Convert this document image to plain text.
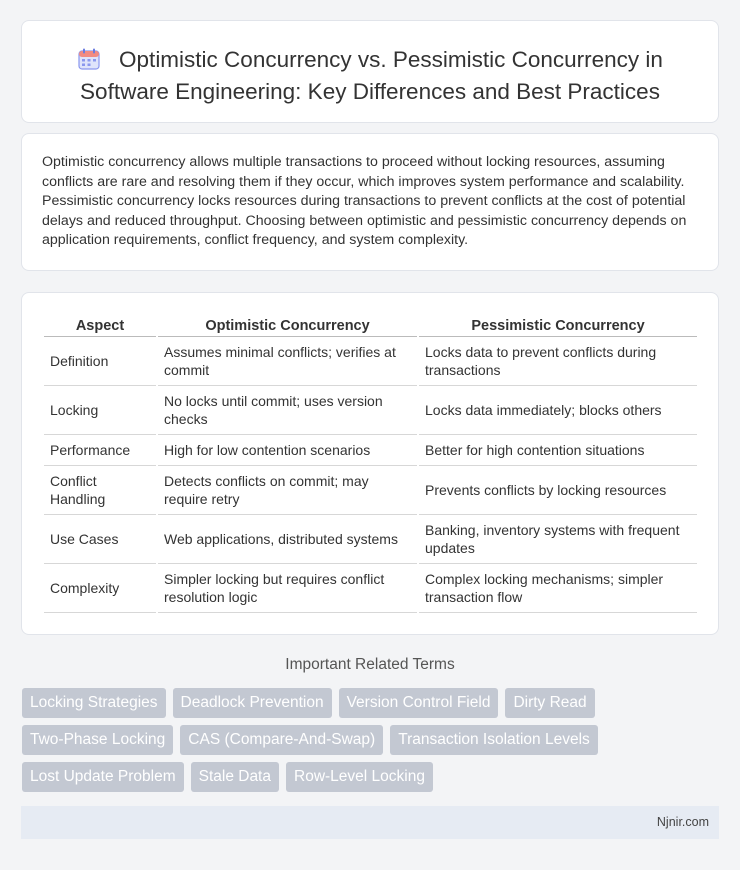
Optimistic Concurrency vs. Pessimistic Concurrency in Software Engineering: Key Differences and Best Practices

Optimistic concurrency allows multiple transactions to proceed without locking resources, assuming conflicts are rare and resolving them if they occur, which improves system performance and scalability. Pessimistic concurrency locks resources during transactions to prevent conflicts at the cost of potential delays and reduced throughput. Choosing between optimistic and pessimistic concurrency depends on application requirements, conflict frequency, and system complexity.

Aspect	Optimistic Concurrency	Pessimistic Concurrency
Definition	Assumes minimal conflicts; verifies at commit	Locks data to prevent conflicts during transactions
Locking	No locks until commit; uses version checks	Locks data immediately; blocks others
Performance	High for low contention scenarios	Better for high contention situations
Conflict Handling	Detects conflicts on commit; may require retry	Prevents conflicts by locking resources
Use Cases	Web applications, distributed systems	Banking, inventory systems with frequent updates
Complexity	Simpler locking but requires conflict resolution logic	Complex locking mechanisms; simpler transaction flow
Important Related Terms
Locking Strategies	Deadlock Prevention	Version Control Field	Dirty Read
Two-Phase Locking	CAS (Compare-And-Swap)	Transaction Isolation Levels
Lost Update Problem	Stale Data	Row-Level Locking
Njnir.com
